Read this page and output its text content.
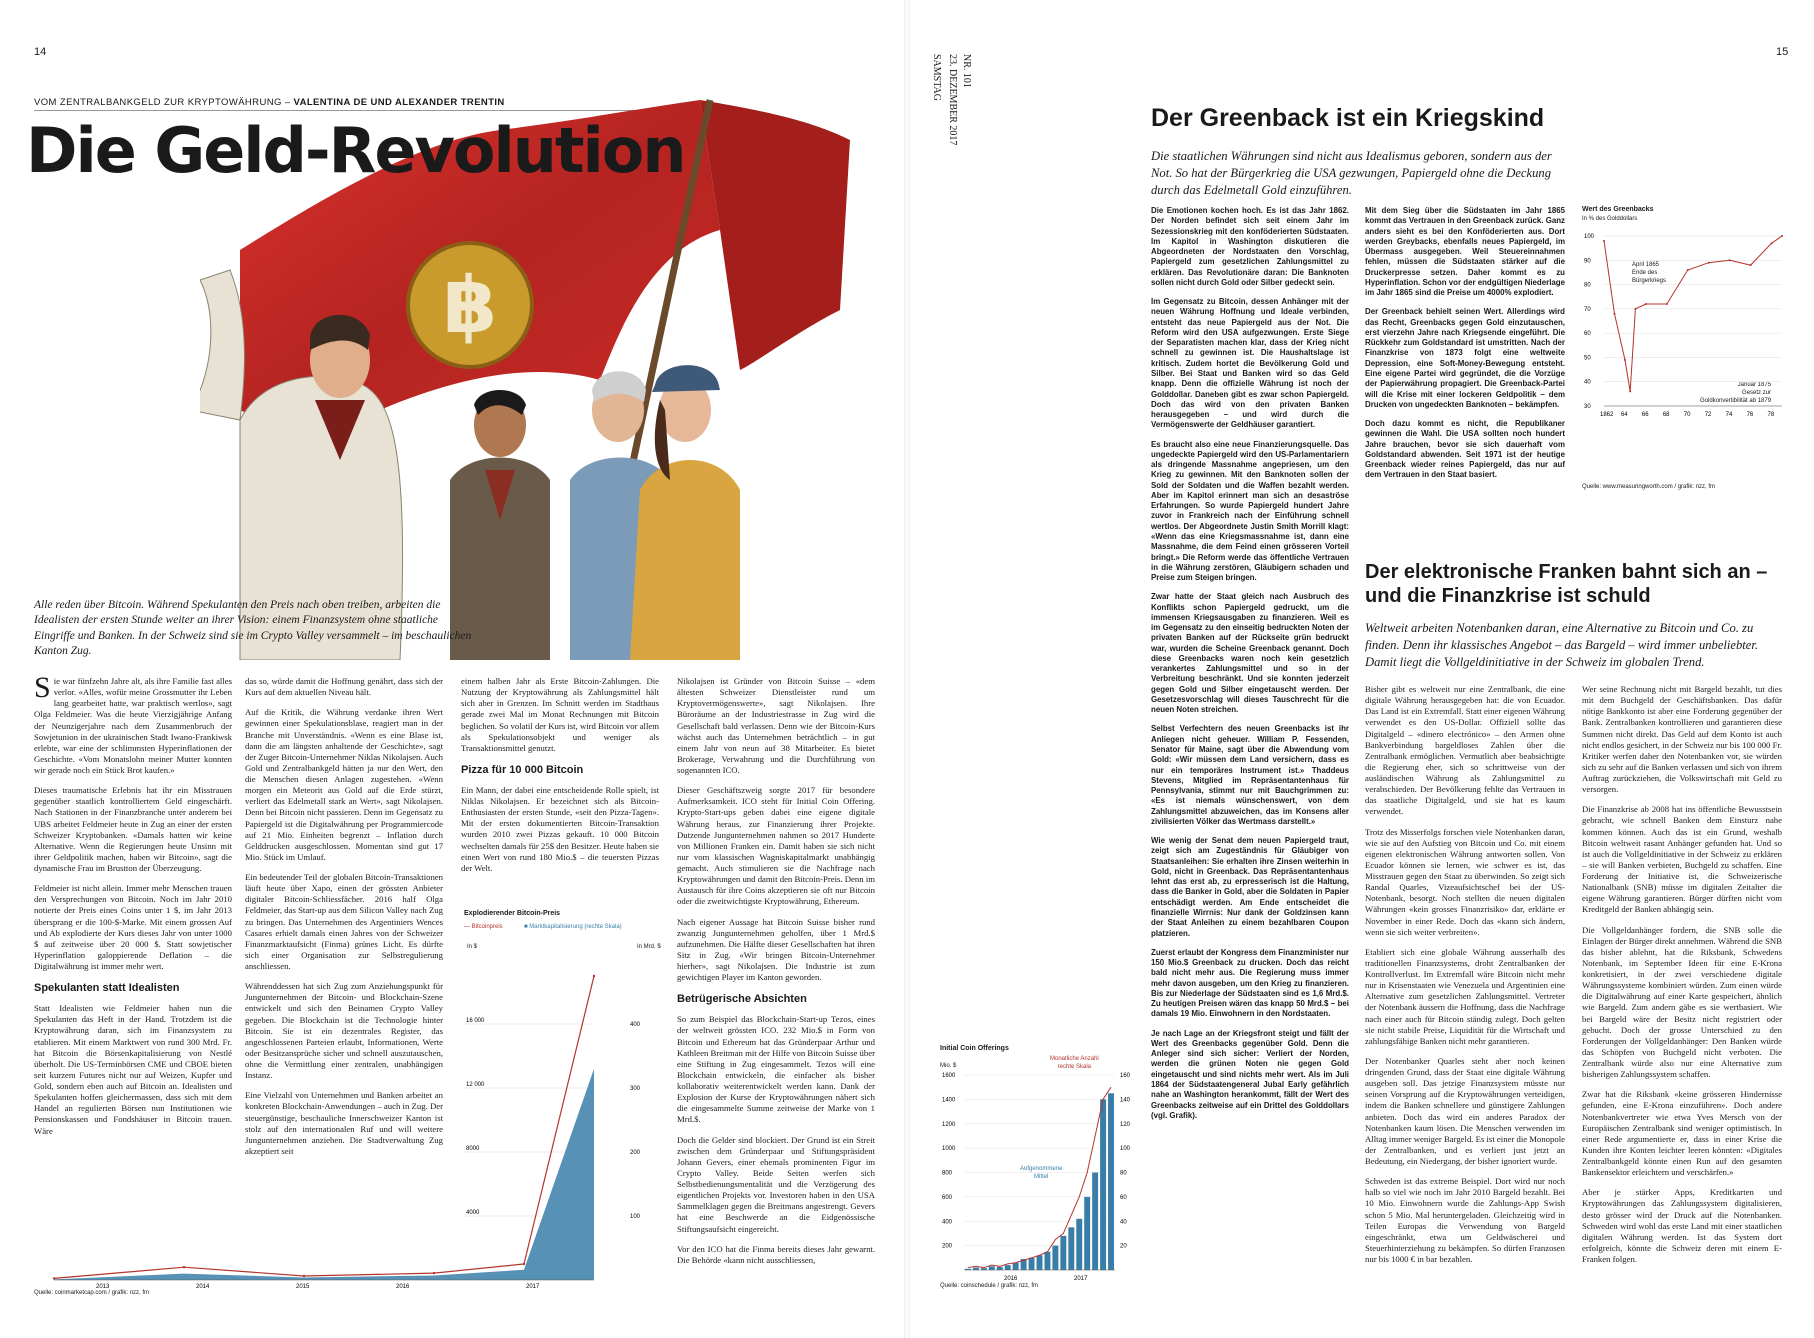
14
VOM ZENTRALBANKGELD ZUR KRYPTOWÄHRUNG – VALENTINA DE UND ALEXANDER TRENTIN
฿
Die Geld-Revolution
Alle reden über Bitcoin. Während Spekulanten den Preis nach oben treiben, arbeiten die Idealisten der ersten Stunde weiter an ihrer Vision: einem Finanzsystem ohne staatliche Eingriffe und Banken. In der Schweiz sind sie im Crypto Valley versammelt – im beschaulichen Kanton Zug.

Sie war fünfzehn Jahre alt, als ihre Familie fast alles verlor. «Alles, wofür meine Grossmutter ihr Leben lang gearbeitet hatte, war praktisch wertlos», sagt Olga Feldmeier. Was die heute Vierzigjährige Anfang der Neunzigerjahre nach dem Zusammenbruch der Sowjetunion in der ukrainischen Stadt Iwano-Frankiwsk erlebte, war eine der schlimmsten Hyperinflationen der Geschichte. «Vom Monatslohn meiner Mutter konnten wir gerade noch ein Stück Brot kaufen.»

Dieses traumatische Erlebnis hat ihr ein Misstrauen gegenüber staatlich kontrolliertem Geld eingeschärft. Nach Stationen in der Finanzbranche unter anderem bei UBS arbeitet Feldmeier heute in Zug an einer der ersten Schweizer Kryptobanken. «Damals hatten wir keine Alternative. Wenn die Regierungen heute Unsinn mit ihrer Geldpolitik machen, haben wir Bitcoin», sagt die dynamische Frau im Brustton der Überzeugung.

Feldmeier ist nicht allein. Immer mehr Menschen trauen den Versprechungen von Bitcoin. Noch im Jahr 2010 notierte der Preis eines Coins unter 1 $, im Jahr 2013 übersprang er die 100-$-Marke. Mit einem grossen Auf und Ab explodierte der Kurs dieses Jahr von unter 1000 $ auf zeitweise über 20 000 $. Statt sowjetischer Hyperinflation galoppierende Deflation – die Digitalwährung ist immer mehr wert.

Spekulanten statt Idealisten

Statt Idealisten wie Feldmeier haben nun die Spekulanten das Heft in der Hand. Trotzdem ist die Kryptowährung daran, sich im Finanzsystem zu etablieren. Mit einem Marktwert von rund 300 Mrd. Fr. hat Bitcoin die Börsenkapitalisierung von Nestlé überholt. Die US-Terminbörsen CME und CBOE bieten seit kurzem Futures nicht nur auf Weizen, Kupfer und Gold, sondern eben auch auf Bitcoin an. Idealisten und Spekulanten hoffen gleichermassen, dass sich mit dem Handel an regulierten Börsen nun Institutionen wie Pensionskassen und Fondshäuser in Bitcoin trauen. Wäre

das so, würde damit die Hoffnung genährt, dass sich der Kurs auf dem aktuellen Niveau hält.

Auf die Kritik, die Währung verdanke ihren Wert gewinnen einer Spekulationsblase, reagiert man in der Branche mit Unverständnis. «Wenn es eine Blase ist, dann die am längsten anhaltende der Geschichte», sagt der Zuger Bitcoin-Unternehmer Niklas Nikolajsen. Auch Gold und Zentralbankgeld hätten ja nur den Wert, den die Menschen diesen Anlagen zugestehen. «Wenn morgen ein Meteorit aus Gold auf die Erde stürzt, verliert das Edelmetall stark an Wert», sagt Nikolajsen. Denn bei Bitcoin nicht passieren. Denn im Gegensatz zu Papiergeld ist die Digitalwährung per Programmiercode auf 21 Mio. Einheiten begrenzt – Inflation durch Gelddrucken ausgeschlossen. Momentan sind gut 17 Mio. Stück im Umlauf.

Ein bedeutender Teil der globalen Bitcoin-Transaktionen läuft heute über Xapo, einen der grössten Anbieter digitaler Bitcoin-Schliessfächer. 2016 half Olga Feldmeier, das Start-up aus dem Silicon Valley nach Zug zu bringen. Das Unternehmen des Argentiniers Wences Casares erhielt damals einen Jahres von der Schweizer Finanzmarktaufsicht (Finma) grünes Licht. Es dürfte sich einer Organisation zur Selbstregulierung anschliessen.

Währenddessen hat sich Zug zum Anziehungspunkt für Jungunternehmen der Bitcoin- und Blockchain-Szene entwickelt und sich den Beinamen Crypto Valley gegeben. Die Blockchain ist die Technologie hinter Bitcoin. Sie ist ein dezentrales Register, das angeschlossenen Parteien erlaubt, Informationen, Werte oder Besitzansprüche sicher und schnell auszutauschen, ohne die Vermittlung einer zentralen, unabhängigen Instanz.

Eine Vielzahl von Unternehmen und Banken arbeitet an konkreten Blockchain-Anwendungen – auch in Zug. Der steuergünstige, beschauliche Innerschweizer Kanton ist stolz auf den internationalen Ruf und will weitere Jungunternehmen anziehen. Die Stadtverwaltung Zug akzeptiert seit

einem halben Jahr als Erste Bitcoin-Zahlungen. Die Nutzung der Kryptowährung als Zahlungsmittel hält sich aber in Grenzen. Im Schnitt werden im Stadthaus gerade zwei Mal im Monat Rechnungen mit Bitcoin beglichen. So volatil der Kurs ist, wird Bitcoin vor allem als Spekulationsobjekt und weniger als Transaktionsmittel genutzt.

Pizza für 10 000 Bitcoin

Ein Mann, der dabei eine entscheidende Rolle spielt, ist Niklas Nikolajsen. Er bezeichnet sich als Bitcoin-Enthusiasten der ersten Stunde, «seit den Pizza-Tagen». Mit der ersten dokumentierten Bitcoin-Transaktion wurden 2010 zwei Pizzas gekauft. 10 000 Bitcoin wechselten damals für 25$ den Besitzer. Heute haben sie einen Wert von rund 180 Mio.$ – die teuersten Pizzas der Welt.

Nikolajsen ist Gründer von Bitcoin Suisse – «dem ältesten Schweizer Dienstleister rund um Kryptovermögenswerte», sagt Nikolajsen. Ihre Büroräume an der Industriestrasse in Zug wird die Gesellschaft bald verlassen. Denn wie der Bitcoin-Kurs wächst auch das Unternehmen beträchtlich – in gut einem Jahr von neun auf 38 Mitarbeiter. Es bietet Brokerage, Verwahrung und die Durchführung von sogenannten ICO.

Dieser Geschäftszweig sorgte 2017 für besondere Aufmerksamkeit. ICO steht für Initial Coin Offering. Krypto-Start-ups geben dabei eine eigene digitale Währung heraus, zur Finanzierung ihrer Projekte. Dutzende Jungunternehmen nahmen so 2017 Hunderte von Millionen Franken ein. Damit haben sie sich nicht nur vom klassischen Wagniskapitalmarkt unabhängig gemacht. Auch stimulieren sie die Nachfrage nach Kryptowährungen und damit den Bitcoin-Preis. Denn im Austausch für ihre Coins akzeptieren sie oft nur Bitcoin oder die zweitwichtigste Kryptowährung, Ethereum.

Nach eigener Aussage hat Bitcoin Suisse bisher rund zwanzig Jungunternehmen geholfen, über 1 Mrd.$ aufzunehmen. Die Hälfte dieser Gesellschaften hat ihren Sitz in Zug. «Wir bringen Bitcoin-Unternehmer hierher», sagt Nikolajsen. Die Industrie ist zum gewichtigen Player im Kanton geworden.

Betrügerische Absichten

So zum Beispiel das Blockchain-Start-up Tezos, eines der weltweit grössten ICO. 232 Mio.$ in Form von Bitcoin und Ethereum hat das Gründerpaar Arthur und Kathleen Breitman mit der Hilfe von Bitcoin Suisse über eine Stiftung in Zug eingesammelt. Tezos will eine Blockchain entwickeln, die einfacher als bisher kollaborativ weiterentwickelt werden kann. Dank der Explosion der Kurse der Kryptowährungen nähert sich die eingesammelte Summe zeitweise der Marke von 1 Mrd.$.

Doch die Gelder sind blockiert. Der Grund ist ein Streit zwischen dem Gründerpaar und Stiftungspräsident Johann Gevers, einer ehemals prominenten Figur im Crypto Valley. Beide Seiten werfen sich Selbstbedienungsmentalität und die Verzögerung des eigentlichen Projekts vor. Investoren haben in den USA Sammelklagen gegen die Breitmans angestrengt. Gevers hat eine Beschwerde an die Eidgenössische Stiftungsaufsicht eingereicht.

Vor den ICO hat die Finma bereits dieses Jahr gewarnt. Die Behörde «kann nicht ausschliessen,

Explodierender Bitcoin-Preis
— Bitcoinpreis	■ Marktkapitalisierung (rechte Skala)
In $	In Mrd. $
16 000
12 000
8000
4000
400
300
200
100
2013	2014	2015	2016	2017
Quelle: coinmarketcap.com / grafik: nzz, fm
SAMSTAG 23. DEZEMBER 2017 NR. 101
15
Der Greenback ist ein Kriegskind
Die staatlichen Währungen sind nicht aus Idealismus geboren, sondern aus der Not. So hat der Bürgerkrieg die USA gezwungen, Papiergeld ohne die Deckung durch das Edelmetall Gold einzuführen.

Die Emotionen kochen hoch. Es ist das Jahr 1862. Der Norden befindet sich seit einem Jahr im Sezessionskrieg mit den konföderierten Südstaaten. Im Kapitol in Washington diskutieren die Abgeordneten der Nordstaaten den Vorschlag, Papiergeld zum gesetzlichen Zahlungsmittel zu erklären. Das Revolutionäre daran: Die Banknoten sollen nicht durch Gold oder Silber gedeckt sein.

Im Gegensatz zu Bitcoin, dessen Anhänger mit der neuen Währung Hoffnung und Ideale verbinden, entsteht das neue Papiergeld aus der Not. Die Reform wird den USA aufgezwungen. Erste Siege der Separatisten machen klar, dass der Krieg nicht schnell zu gewinnen ist. Die Haushaltslage ist kritisch. Zudem hortet die Bevölkerung Gold und Silber. Bei Staat und Banken wird so das Geld knapp. Denn die offizielle Währung ist noch der Golddollar. Daneben gibt es zwar schon Papiergeld. Doch das wird von den privaten Banken herausgegeben – und wird durch die Vermögenswerte der Geldhäuser garantiert.

Es braucht also eine neue Finanzierungsquelle. Das ungedeckte Papiergeld wird den US-Parlamentariern als dringende Massnahme angepriesen, um den Krieg zu gewinnen. Mit den Banknoten sollen der Sold der Soldaten und die Waffen bezahlt werden. Aber im Kapitol erinnert man sich an desaströse Erfahrungen. So wurde Papiergeld hundert Jahre zuvor in Frankreich nach der Einführung schnell wertlos. Der Abgeordnete Justin Smith Morrill klagt: «Wenn das eine Kriegsmassnahme ist, dann eine Massnahme, die dem Feind einen grösseren Vorteil bringt.» Die Reform werde das öffentliche Vertrauen in die Währung zerstören, Gläubigern schaden und Preise zum Steigen bringen.

Zwar hatte der Staat gleich nach Ausbruch des Konflikts schon Papiergeld gedruckt, um die immensen Kriegsausgaben zu finanzieren. Weil es im Gegensatz zu den einseitig bedruckten Noten der privaten Banken auf der Rückseite grün bedruckt war, wurden die Scheine Greenback genannt. Doch diese Greenbacks waren noch kein gesetzlich verankertes Zahlungsmittel und so in der Verbreitung beschränkt. Und sie konnten jederzeit gegen Gold und Silber eingetauscht werden. Der Gesetzesvorschlag will dieses Tauschrecht für die neuen Noten streichen.

Selbst Verfechtern des neuen Greenbacks ist ihr Anliegen nicht geheuer. William P. Fessenden, Senator für Maine, sagt über die Abwendung vom Gold: «Wir müssen dem Land versichern, dass es nur ein temporäres Instrument ist.» Thaddeus Stevens, Mitglied im Repräsentantenhaus für Pennsylvania, stimmt nur mit Bauchgrimmen zu: «Es ist niemals wünschenswert, von dem Zahlungsmittel abzuweichen, das im Konsens aller zivilisierten Völker das Wertmass darstellt.»

Wie wenig der Senat dem neuen Papiergeld traut, zeigt sich am Zugeständnis für Gläubiger von Staatsanleihen: Sie erhalten ihre Zinsen weiterhin in Gold, nicht in Greenback. Das Repräsentantenhaus lehnt das erst ab, zu erpresserisch ist die Haltung, dass die Banker in Gold, aber die Soldaten in Papier entschädigt werden. Am Ende entscheidet die finanzielle Wirrnis: Nur dank der Goldzinsen kann der Staat Anleihen zu einem bezahlbaren Coupon platzieren.

Zuerst erlaubt der Kongress dem Finanzminister nur 150 Mio.$ Greenback zu drucken. Doch das reicht bald nicht mehr aus. Die Regierung muss immer mehr davon ausgeben, um den Krieg zu finanzieren. Bis zur Niederlage der Südstaaten sind es 1,6 Mrd.$. Zu heutigen Preisen wären das knapp 50 Mrd.$ – bei damals 19 Mio. Einwohnern in den Nordstaaten.

Je nach Lage an der Kriegsfront steigt und fällt der Wert des Greenbacks gegenüber Gold. Denn die Anleger sind sich sicher: Verliert der Norden, werden die grünen Noten nie gegen Gold eingetauscht und sind nichts mehr wert. Als im Juli 1864 der Südstaatengeneral Jubal Early gefährlich nahe an Washington herankommt, fällt der Wert des Greenbacks zeitweise auf ein Drittel des Golddollars (vgl. Grafik).

Mit dem Sieg über die Südstaaten im Jahr 1865 kommt das Vertrauen in den Greenback zurück. Ganz anders sieht es bei den Konföderierten aus. Dort werden Greybacks, ebenfalls neues Papiergeld, im Übermass ausgegeben. Weil Steuereinnahmen fehlen, müssen die Südstaaten stärker auf die Druckerpresse setzen. Daher kommt es zu Hyperinflation. Schon vor der endgültigen Niederlage im Jahr 1865 sind die Preise um 4000% explodiert.

Der Greenback behielt seinen Wert. Allerdings wird das Recht, Greenbacks gegen Gold einzutauschen, erst vierzehn Jahre nach Kriegsende eingeführt. Die Rückkehr zum Goldstandard ist umstritten. Nach der Finanzkrise von 1873 folgt eine weltweite Depression, eine Soft-Money-Bewegung entsteht. Eine eigene Partei wird gegründet, die die Vorzüge der Papierwährung propagiert. Die Greenback-Partei will die Krise mit einer lockeren Geldpolitik – dem Drucken von ungedeckten Banknoten – bekämpfen.

Doch dazu kommt es nicht, die Republikaner gewinnen die Wahl. Die USA sollten noch hundert Jahre brauchen, bevor sie sich dauerhaft vom Goldstandard abwenden. Seit 1971 ist der heutige Greenback wieder reines Papiergeld, das nur auf dem Vertrauen in den Staat basiert.

Wert des Greenbacks
In % des Golddollars
April 1865
Ende des
Bürgerkriegs
Januar 1875
Gesetz zur
Goldkonvertibilität ab 1879
100
90
80
70
60
50
40
30
1862 64 66 68 70 72 74 76 78
Quelle: www.measuringworth.com / grafik: nzz, fm
Der elektronische Franken bahnt sich an –
und die Finanzkrise ist schuld
Weltweit arbeiten Notenbanken daran, eine Alternative zu Bitcoin und Co. zu finden. Denn ihr klassisches Angebot – das Bargeld – wird immer unbeliebter. Damit liegt die Vollgeldinitiative in der Schweiz im globalen Trend.

Bisher gibt es weltweit nur eine Zentralbank, die eine digitale Währung herausgegeben hat: die von Ecuador. Das Land ist ein Extremfall. Statt einer eigenen Währung verwendet es den US-Dollar. Offiziell sollte das Digitalgeld – «dinero electrónico» – den Armen ohne Bankverbindung bargeldloses Zahlen über die Zentralbank ermöglichen. Vermutlich aber beabsichtigte die Regierung eher, sich so schrittweise von der ausländischen Währung als Zahlungsmittel zu verabschieden. Der Bevölkerung fehlte das Vertrauen in das staatliche Digitalgeld, und sie hat es kaum verwendet.

Trotz des Misserfolgs forschen viele Notenbanken daran, wie sie auf den Aufstieg von Bitcoin und Co. mit einem eigenen elektronischen Währung antworten sollen. Von Ecuador können sie lernen, wie schwer es ist, das Misstrauen gegen den Staat zu überwinden. So zeigt sich Randal Quarles, Vizeaufsichtschef bei der US-Notenbank, besorgt. Noch stellten die neuen digitalen Währungen «kein grosses Finanzrisiko» dar, erklärte er November in einer Rede. Doch das «kann sich ändern, wenn sie sich weiter verbreiten».

Etabliert sich eine globale Währung ausserhalb des traditionellen Finanzsystems, droht Zentralbanken der Kontrollverlust. Im Extremfall wäre Bitcoin nicht mehr nur in Krisenstaaten wie Venezuela und Argentinien eine Alternative zum gesetzlichen Zahlungsmittel. Vertreter der Notenbank äussern die Hoffnung, dass die Nachfrage nach einer auch für Bitcoin ständig zulegt. Doch gelten sie nicht stabile Preise, Liquidität für die Wirtschaft und zahlungsfähige Banken nicht mehr garantieren.

Der Notenbanker Quarles steht aber noch keinen dringenden Grund, dass der Staat eine digitale Währung ausgeben soll. Das jetzige Finanzsystem müsste nur seinen Vorsprung auf die Kryptowährungen verteidigen, indem die Banken schnellere und günstigere Zahlungen anbieten. Doch das wird ein anderes Paradox der Notenbanken kaum lösen. Die Menschen verwenden im Alltag immer weniger Bargeld. Es ist einer die Monopole der Zentralbanken, und es verliert just jetzt an Bedeutung, ein Niedergang, der bisher ignoriert wurde.

Schweden ist das extreme Beispiel. Dort wird nur noch halb so viel wie noch im Jahr 2010 Bargeld bezahlt. Bei 10 Mio. Einwohnern wurde die Zahlungs-App Swish schon 5 Mio. Mal heruntergeladen. Gleichzeitig wird in Teilen Europas die Verwendung von Bargeld eingeschränkt, etwa um Geldwäscherei und Steuerhinterziehung zu bekämpfen. So dürfen Franzosen nur bis 1000 € in bar bezahlen.

Wer seine Rechnung nicht mit Bargeld bezahlt, tut dies mit dem Buchgeld der Geschäftsbanken. Das dafür nötige Bankkonto ist aber eine Forderung gegenüber der Bank. Zentralbanken kontrollieren und garantieren diese Summen nicht direkt. Das Geld auf dem Konto ist auch nicht endlos gesichert, in der Schweiz nur bis 100 000 Fr. Kritiker werfen daher den Notenbanken vor, sie würden sich zu sehr auf die Banken verlassen und sich von ihrem Auftrag zurückziehen, die Volkswirtschaft mit Geld zu versorgen.

Die Finanzkrise ab 2008 hat ins öffentliche Bewusstsein gebracht, wie schnell Banken dem Einsturz nahe kommen können. Auch das ist ein Grund, weshalb Bitcoin weltweit rasant Anhänger gefunden hat. Und so ist auch die Vollgeldinitiative in der Schweiz zu erklären – sie will Banken verbieten, Buchgeld zu schaffen. Eine Forderung der Initiative ist, die Schweizerische Nationalbank (SNB) müsse im digitalen Zeitalter die eigene Währung garantieren. Bürger dürften nicht vom Kreditgeld der Banken abhängig sein.

Die Vollgeldanhänger fordern, die SNB solle die Einlagen der Bürger direkt annehmen. Während die SNB das bisher ablehnt, hat die Riksbank, Schwedens Notenbank, im September Ideen für eine E-Krona konkretisiert, in der zwei verschiedene digitale Währungssysteme kombiniert würden. Zum einen würde die Digitalwährung auf einer Karte gespeichert, ähnlich wie Bargeld. Zum andern gäbe es sie wertbasiert. Wie bei Bargeld wäre der Besitz nicht registriert oder gebucht. Doch der grosse Unterschied zu den Forderungen der Vollgeldanhänger: Den Banken würde das Schöpfen von Buchgeld nicht verboten. Die Zentralbank würde also nur eine Alternative zum bisherigen Zahlungssystem schaffen.

Zwar hat die Riksbank «keine grösseren Hindernisse gefunden, eine E-Krona einzuführen». Doch andere Notenbankvertreter wie etwa Yves Mersch von der Europäischen Zentralbank sind weniger optimistisch. In einer Rede argumentierte er, dass in einer Krise die Kunden ihre Konten leichter leeren könnten: «Digitales Zentralbankgeld könnte einen Run auf den gesamten Bankensektor erleichtern und verschärfen.»

Aber je stärker Apps, Kreditkarten und Kryptowährungen das Zahlungssystem digitalisieren, desto grösser wird der Druck auf die Notenbanken. Schweden wird wohl das erste Land mit einer staatlichen digitalen Währung werden. Ist das System dort erfolgreich, könnte die Schweiz deren mit einem E-Franken folgen.

Initial Coin Offerings
Mio. $
Monatliche Anzahl
rechte Skala
Aufgenommene
Mittel
1600
1400
1200
1000
800
600
400
200
160
140
120
100
80
60
40
20
2016	2017
Quelle: coinschedule / grafik: nzz, fm
